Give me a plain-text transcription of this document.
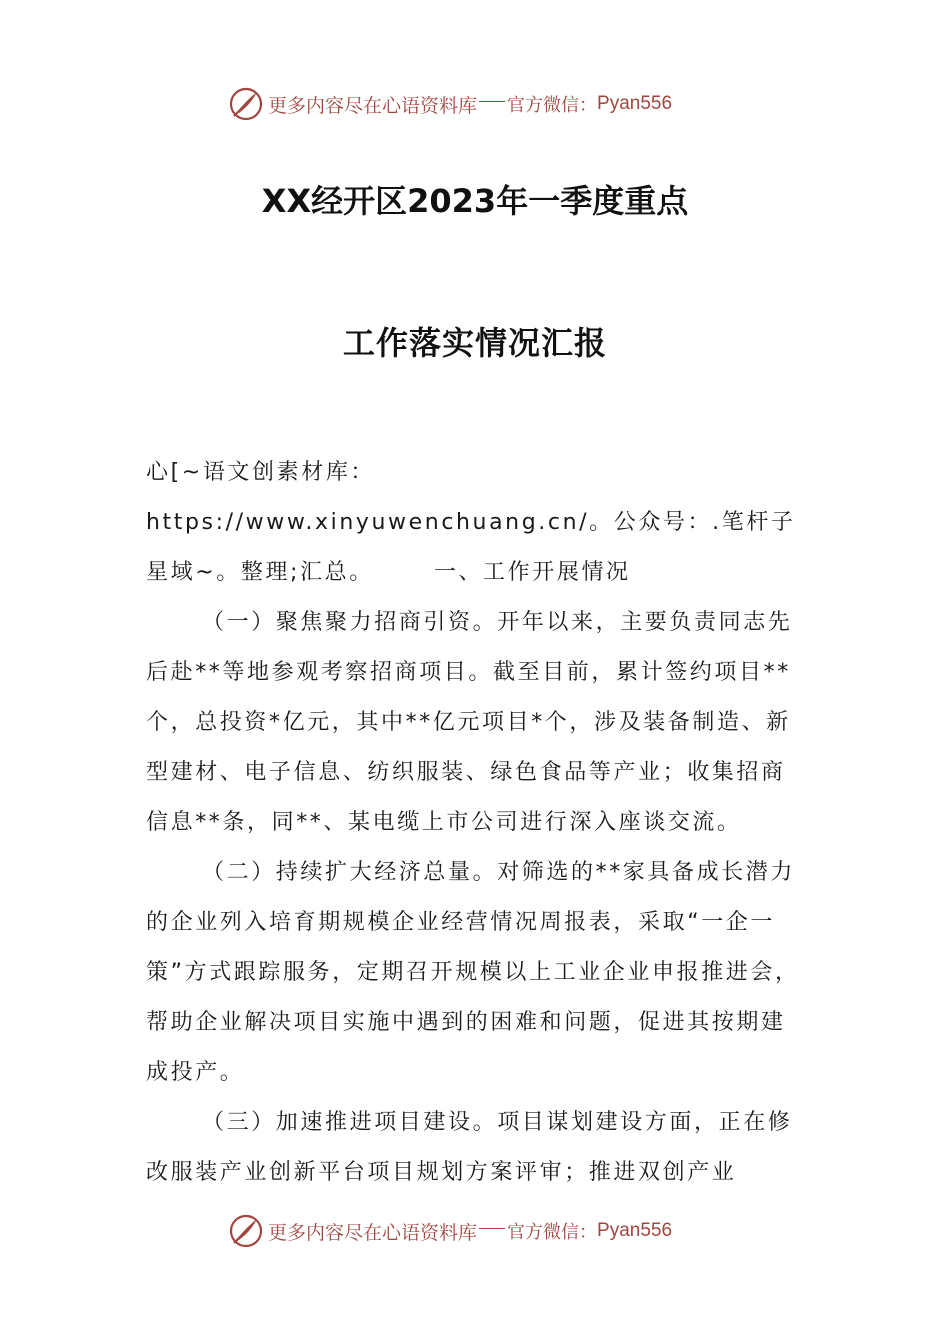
更多内容尽在心语资料库 官方微信： Pyan556
XX经开区2023年一季度重点
工作落实情况汇报

心[~语文创素材库：https://www.xinyuwenchuang.cn/。公众号：.笔杆子星域~。整理;汇总。	一、工作开展情况

（一）聚焦聚力招商引资。开年以来，主要负责同志先后赴**等地参观考察招商项目。截至目前，累计签约项目**个，总投资*亿元，其中**亿元项目*个，涉及装备制造、新型建材、电子信息、纺织服装、绿色食品等产业；收集招商信息**条，同**、某电缆上市公司进行深入座谈交流。

（二）持续扩大经济总量。对筛选的**家具备成长潜力的企业列入培育期规模企业经营情况周报表，采取“一企一策”方式跟踪服务，定期召开规模以上工业企业申报推进会，帮助企业解决项目实施中遇到的困难和问题，促进其按期建成投产。

（三）加速推进项目建设。项目谋划建设方面，正在修改服装产业创新平台项目规划方案评审；推进双创产业

更多内容尽在心语资料库 官方微信： Pyan556
